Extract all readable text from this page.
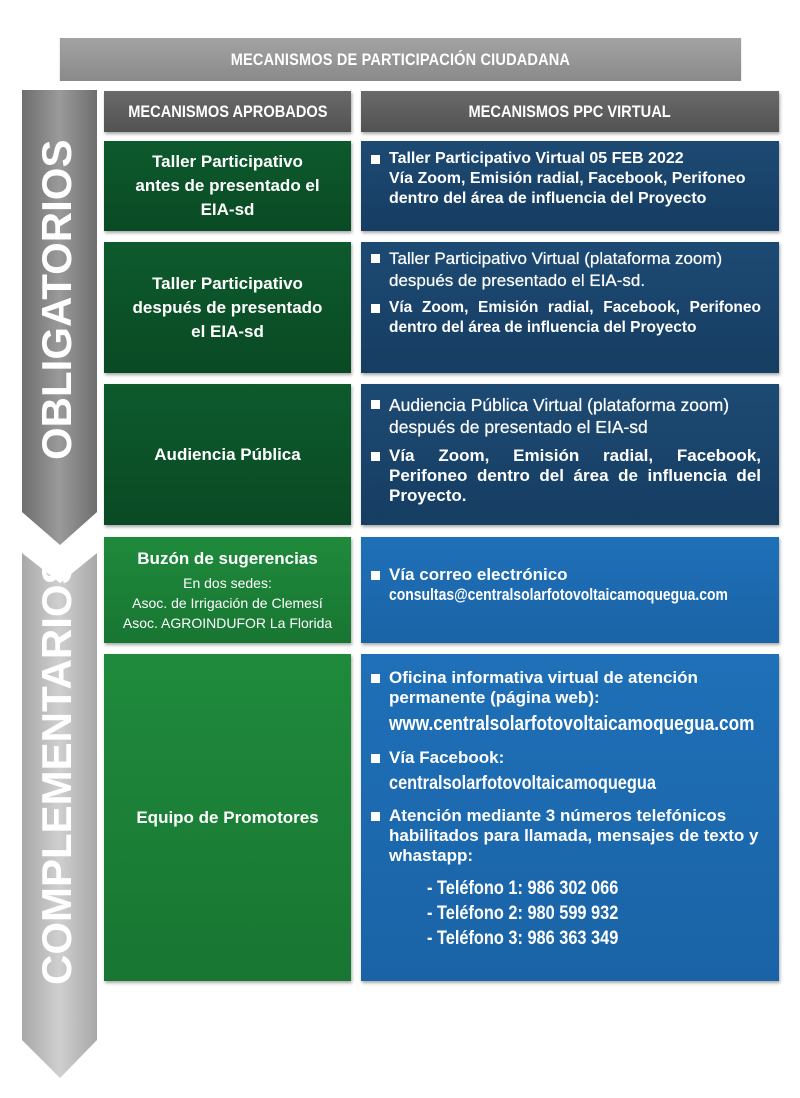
OBLIGATORIOS
COMPLEMENTARIOS
MECANISMOS DE PARTICIPACIÓN CIUDADANA
MECANISMOS APROBADOS	MECANISMOS PPC VIRTUAL
Taller Participativo
antes de presentado el
EIA-sd
Taller Participativo Virtual 05 FEB 2022
Vía Zoom, Emisión radial, Facebook, Perifoneo
dentro del área de influencia del Proyecto
Taller Participativo
después de presentado
el EIA-sd
Taller Participativo Virtual (plataforma zoom) después de presentado el EIA-sd.
Vía Zoom, Emisión radial, Facebook, Perifoneo dentro del área de influencia del Proyecto
Audiencia Pública
Audiencia Pública Virtual (plataforma zoom) después de presentado el EIA-sd
Vía Zoom, Emisión radial, Facebook, Perifoneo dentro del área de influencia del Proyecto.
Buzón de sugerencias
En dos sedes:
Asoc. de Irrigación de Clemesí
Asoc. AGROINDUFOR La Florida
Vía correo electrónico
consultas@centralsolarfotovoltaicamoquegua.com
Equipo de Promotores
Oficina informativa virtual de atención permanente (página web):
www.centralsolarfotovoltaicamoquegua.com
Vía Facebook:
centralsolarfotovoltaicamoquegua
Atención mediante 3 números telefónicos habilitados para llamada, mensajes de texto y whastapp:
- Teléfono 1: 986 302 066
- Teléfono 2: 980 599 932
- Teléfono 3: 986 363 349
